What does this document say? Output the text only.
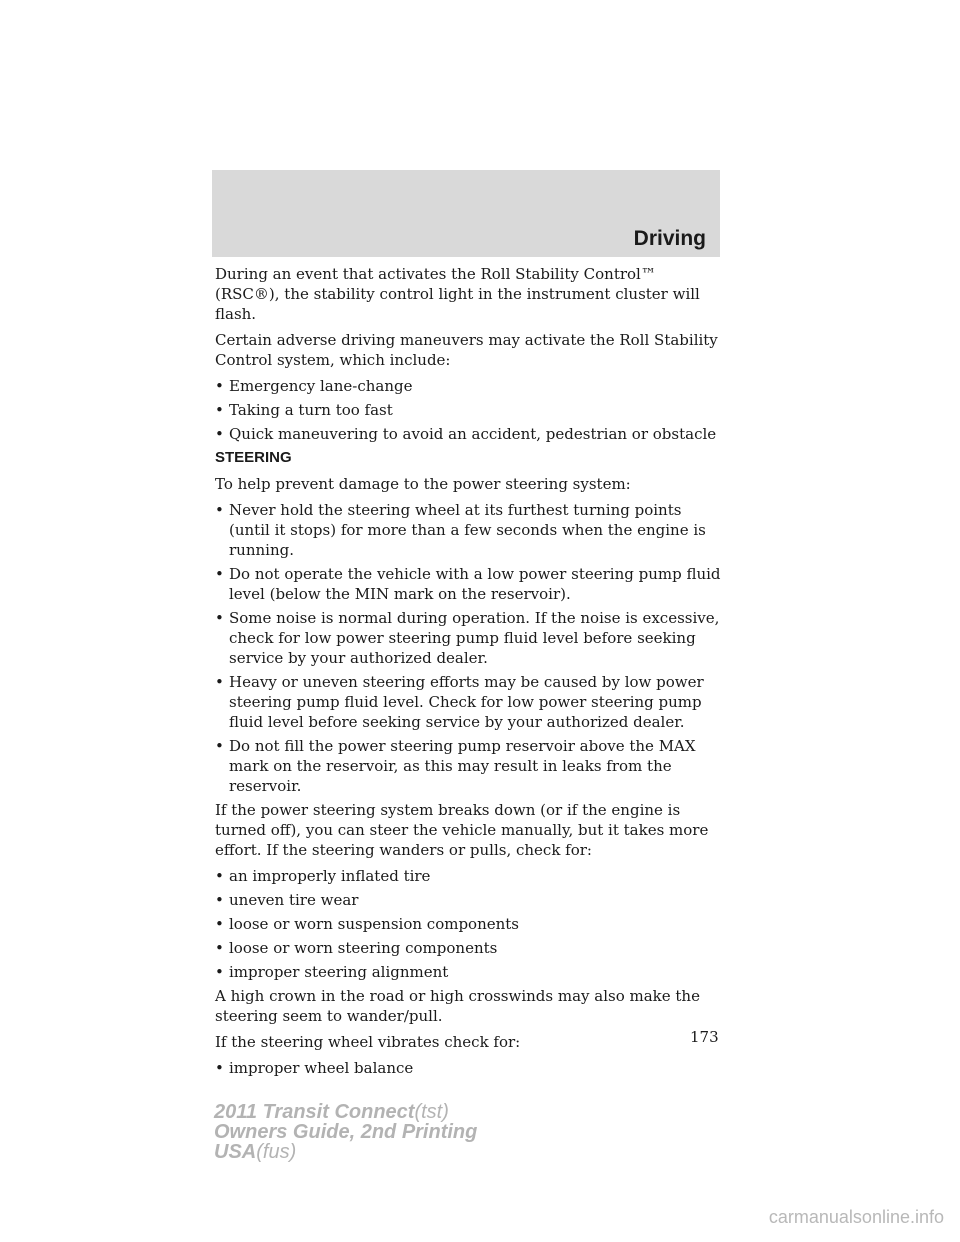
Driving

During an event that activates the Roll Stability Control™ (RSC®), the stability control light in the instrument cluster will flash.

Certain adverse driving maneuvers may activate the Roll Stability Control system, which include:

• Emergency lane-change
• Taking a turn too fast
• Quick maneuvering to avoid an accident, pedestrian or obstacle
STEERING

To help prevent damage to the power steering system:

• Never hold the steering wheel at its furthest turning points (until it stops) for more than a few seconds when the engine is running.
• Do not operate the vehicle with a low power steering pump fluid level (below the MIN mark on the reservoir).
• Some noise is normal during operation. If the noise is excessive, check for low power steering pump fluid level before seeking service by your authorized dealer.
• Heavy or uneven steering efforts may be caused by low power steering pump fluid level. Check for low power steering pump fluid level before seeking service by your authorized dealer.
• Do not fill the power steering pump reservoir above the MAX mark on the reservoir, as this may result in leaks from the reservoir.

If the power steering system breaks down (or if the engine is turned off), you can steer the vehicle manually, but it takes more effort. If the steering wanders or pulls, check for:

• an improperly inflated tire
• uneven tire wear
• loose or worn suspension components
• loose or worn steering components
• improper steering alignment

A high crown in the road or high crosswinds may also make the steering seem to wander/pull.

If the steering wheel vibrates check for:

• improper wheel balance
173
2011 Transit Connect(tst)
Owners Guide, 2nd Printing
USA(fus)
carmanualsonline.info
